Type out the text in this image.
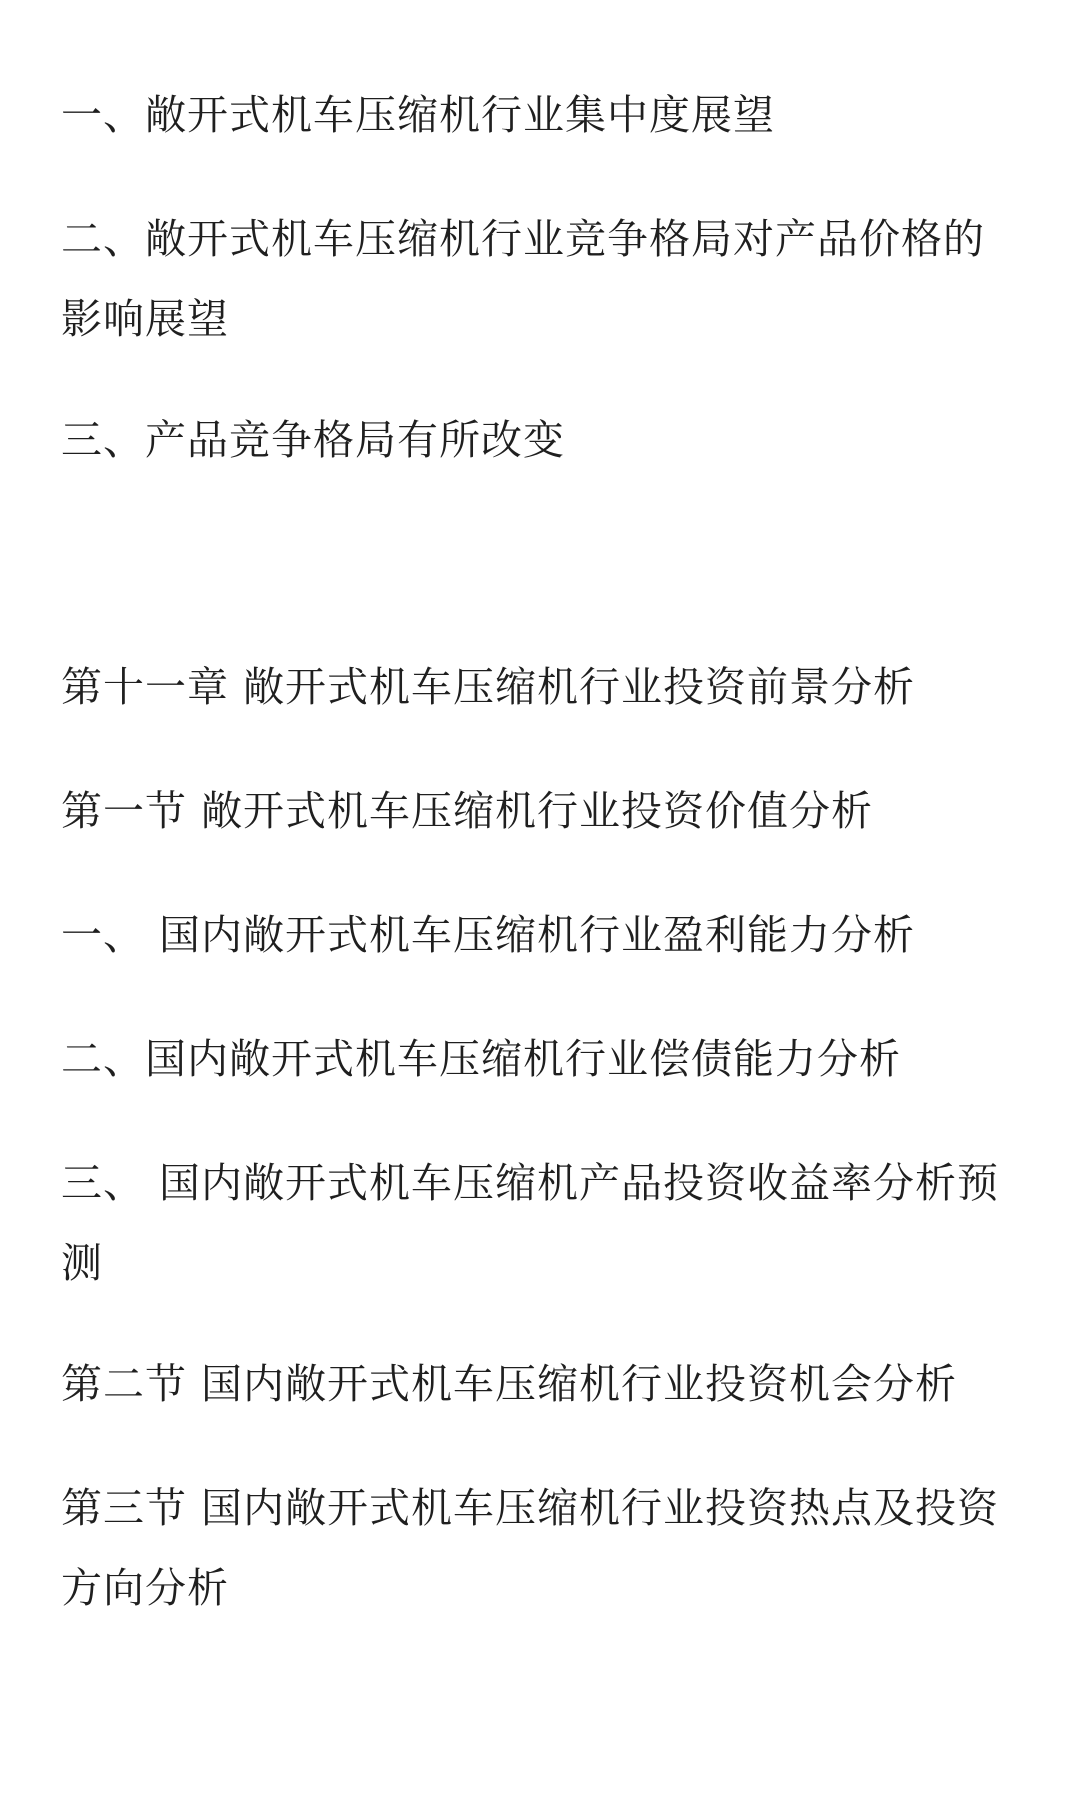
一、敞开式机车压缩机行业集中度展望

二、敞开式机车压缩机行业竞争格局对产品价格的影响展望

三、产品竞争格局有所改变

第十一章 敞开式机车压缩机行业投资前景分析

第一节 敞开式机车压缩机行业投资价值分析

一、 国内敞开式机车压缩机行业盈利能力分析

二、国内敞开式机车压缩机行业偿债能力分析

三、 国内敞开式机车压缩机产品投资收益率分析预测

第二节 国内敞开式机车压缩机行业投资机会分析

第三节 国内敞开式机车压缩机行业投资热点及投资方向分析
